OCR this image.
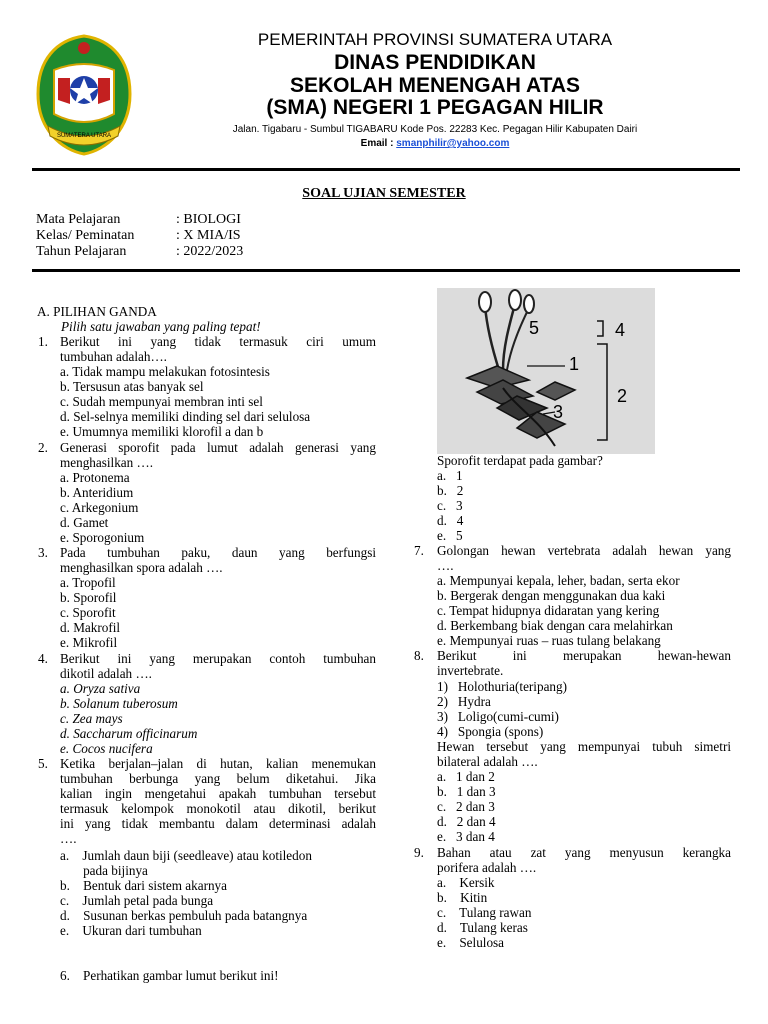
SUMATERA UTARA
PEMERINTAH PROVINSI SUMATERA UTARA
DINAS PENDIDIKAN
SEKOLAH MENENGAH ATAS
(SMA) NEGERI 1 PEGAGAN HILIR
Jalan. Tigabaru - Sumbul TIGABARU Kode Pos. 22283 Kec. Pegagan Hilir Kabupaten Dairi
Email : smanphilir@yahoo.com
SOAL UJIAN SEMESTER
Mata Pelajaran	: BIOLOGI
Kelas/ Peminatan	: X MIA/IS
Tahun Pelajaran	: 2022/2023
A. PILIHAN GANDA
Pilih satu jawaban yang paling tepat!
1. Berikut ini yang tidak termasuk ciri umum
tumbuhan adalah….
a. Tidak mampu melakukan fotosintesis
b. Tersusun atas banyak sel
c. Sudah mempunyai membran inti sel
d. Sel-selnya memiliki dinding sel dari selulosa
e. Umumnya memiliki klorofil a dan b
2. Generasi sporofit pada lumut adalah generasi yang
menghasilkan ….
a. Protonema
b. Anteridium
c. Arkegonium
d. Gamet
e. Sporogonium
3. Pada tumbuhan paku, daun yang berfungsi
menghasilkan spora adalah ….
a. Tropofil
b. Sporofil
c. Sporofit
d. Makrofil
e. Mikrofil
4. Berikut ini yang merupakan contoh tumbuhan
dikotil adalah ….
a. Oryza sativa
b. Solanum tuberosum
c. Zea mays
d. Saccharum officinarum
e. Cocos nucifera
5. Ketika berjalan–jalan di hutan, kalian menemukan
tumbuhan berbunga yang belum diketahui. Jika
kalian ingin mengetahui apakah tumbuhan tersebut
termasuk kelompok monokotil atau dikotil, berikut
ini yang tidak membantu dalam determinasi adalah
….
a.    Jumlah daun biji (seedleave) atau kotiledon
pada bijinya
b.    Bentuk dari sistem akarnya
c.    Jumlah petal pada bunga
d.    Susunan berkas pembuluh pada batangnya
e.    Ukuran dari tumbuhan
6. Perhatikan gambar lumut berikut ini!
5	4
1
2
3
Sporofit terdapat pada gambar?
a.   1
b.   2
c.   3
d.   4
e.   5
7. Golongan hewan vertebrata adalah hewan yang
….
a. Mempunyai kepala, leher, badan, serta ekor
b. Bergerak dengan menggunakan dua kaki
c. Tempat hidupnya didaratan yang kering
d. Berkembang biak dengan cara melahirkan
e. Mempunyai ruas – ruas tulang belakang
8. Berikut ini merupakan hewan-hewan
invertebrate.
1)   Holothuria(teripang)
2)   Hydra
3)   Loligo(cumi-cumi)
4)   Spongia (spons)
Hewan tersebut yang mempunyai tubuh simetri
bilateral adalah ….
a.   1 dan 2
b.   1 dan 3
c.   2 dan 3
d.   2 dan 4
e.   3 dan 4
9. Bahan atau zat yang menyusun kerangka
porifera adalah ….
a.    Kersik
b.    Kitin
c.    Tulang rawan
d.    Tulang keras
e.    Selulosa
